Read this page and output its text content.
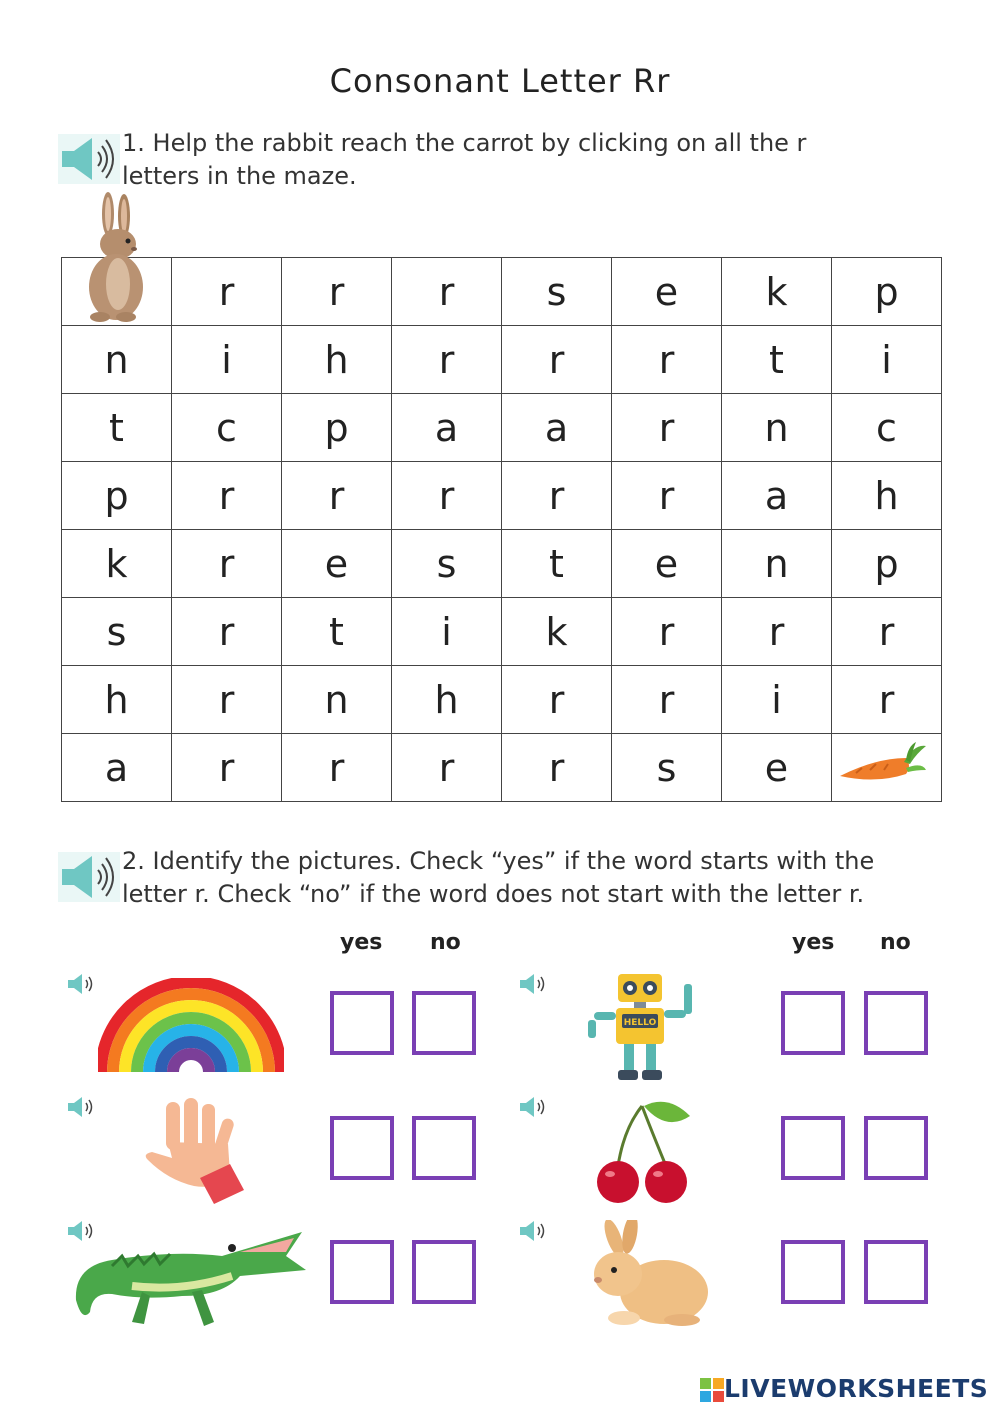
Consonant Letter Rr
1. Help the rabbit reach the carrot by clicking on all the r
letters in the maze.
	r	r	r	s	e	k	p
n	i	h	r	r	r	t	i
t	c	p	a	a	r	n	c
p	r	r	r	r	r	a	h
k	r	e	s	t	e	n	p
s	r	t	i	k	r	r	r
h	r	n	h	r	r	i	r
a	r	r	r	r	s	e	
2. Identify the pictures. Check “yes” if the word starts with the
letter r. Check “no” if the word does not start with the letter r.
yes no	yes no
HELLO
LIVEWORKSHEETS
